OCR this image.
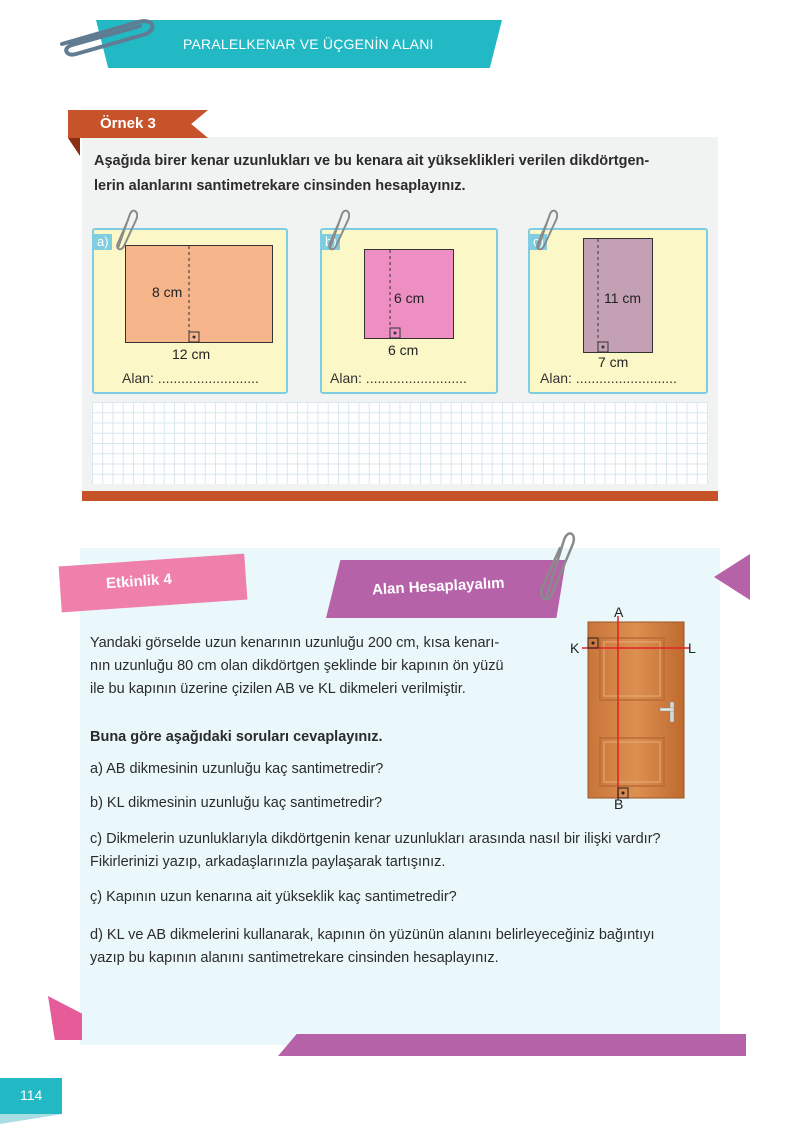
PARALELKENAR VE ÜÇGENİN ALANI
Örnek 3
Aşağıda birer kenar uzunlukları ve bu kenara ait yükseklikleri verilen dikdörtgen-
lerin alanlarını santimetrekare cinsinden hesaplayınız.
a)
8 cm
12 cm
Alan: ..........................
b)
6 cm
6 cm
Alan: ..........................
c)
11 cm
7 cm
Alan: ..........................
Etkinlik 4	Alan Hesaplayalım
Yandaki görselde uzun kenarının uzunluğu 200 cm, kısa kenarı-
nın uzunluğu 80 cm olan dikdörtgen şeklinde bir kapının ön yüzü
ile bu kapının üzerine çizilen AB ve KL dikmeleri verilmiştir.
Buna göre aşağıdaki soruları cevaplayınız.
a) AB dikmesinin uzunluğu kaç santimetredir?
b) KL dikmesinin uzunluğu kaç santimetredir?
c) Dikmelerin uzunluklarıyla dikdörtgenin kenar uzunlukları arasında nasıl bir ilişki vardır?
Fikirlerinizi yazıp, arkadaşlarınızla paylaşarak tartışınız.
ç) Kapının uzun kenarına ait yükseklik kaç santimetredir?
d) KL ve AB dikmelerini kullanarak, kapının ön yüzünün alanını belirleyeceğiniz bağıntıyı
yazıp bu kapının alanını santimetrekare cinsinden hesaplayınız.
A
B
K	L
114
